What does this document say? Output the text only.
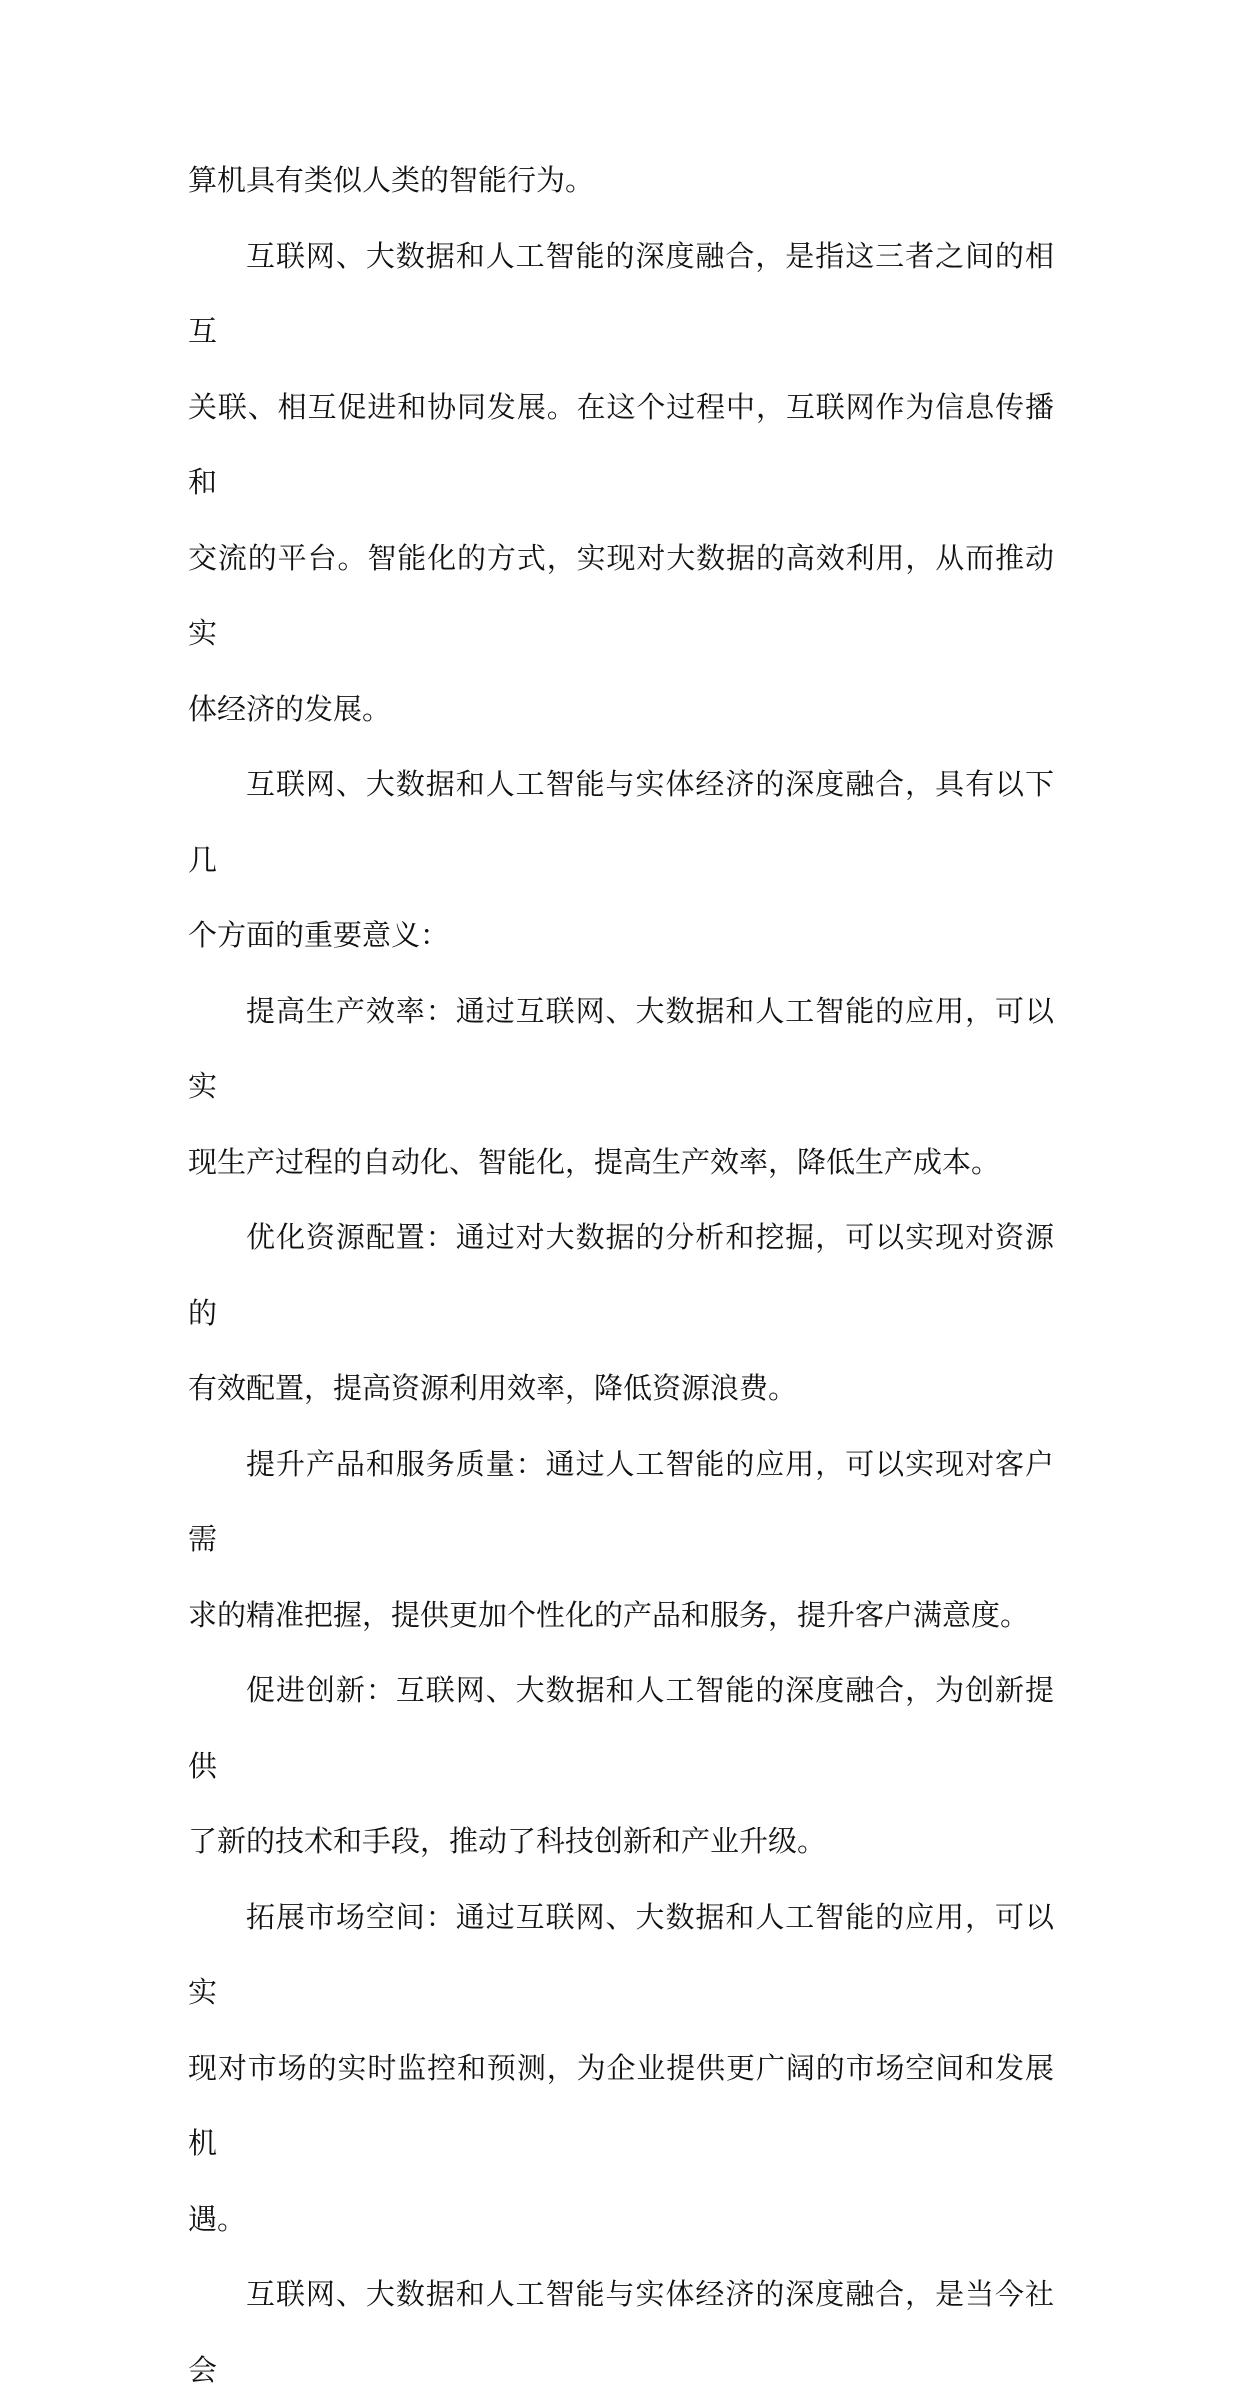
算机具有类似人类的智能行为。

互联网、大数据和人工智能的深度融合，是指这三者之间的相互
关联、相互促进和协同发展。在这个过程中，互联网作为信息传播和
交流的平台。智能化的方式，实现对大数据的高效利用，从而推动实
体经济的发展。

互联网、大数据和人工智能与实体经济的深度融合，具有以下几
个方面的重要意义：

提高生产效率：通过互联网、大数据和人工智能的应用，可以实
现生产过程的自动化、智能化，提高生产效率，降低生产成本。

优化资源配置：通过对大数据的分析和挖掘，可以实现对资源的
有效配置，提高资源利用效率，降低资源浪费。

提升产品和服务质量：通过人工智能的应用，可以实现对客户需
求的精准把握，提供更加个性化的产品和服务，提升客户满意度。

促进创新：互联网、大数据和人工智能的深度融合，为创新提供
了新的技术和手段，推动了科技创新和产业升级。

拓展市场空间：通过互联网、大数据和人工智能的应用，可以实
现对市场的实时监控和预测，为企业提供更广阔的市场空间和发展机
遇。

互联网、大数据和人工智能与实体经济的深度融合，是当今社会
